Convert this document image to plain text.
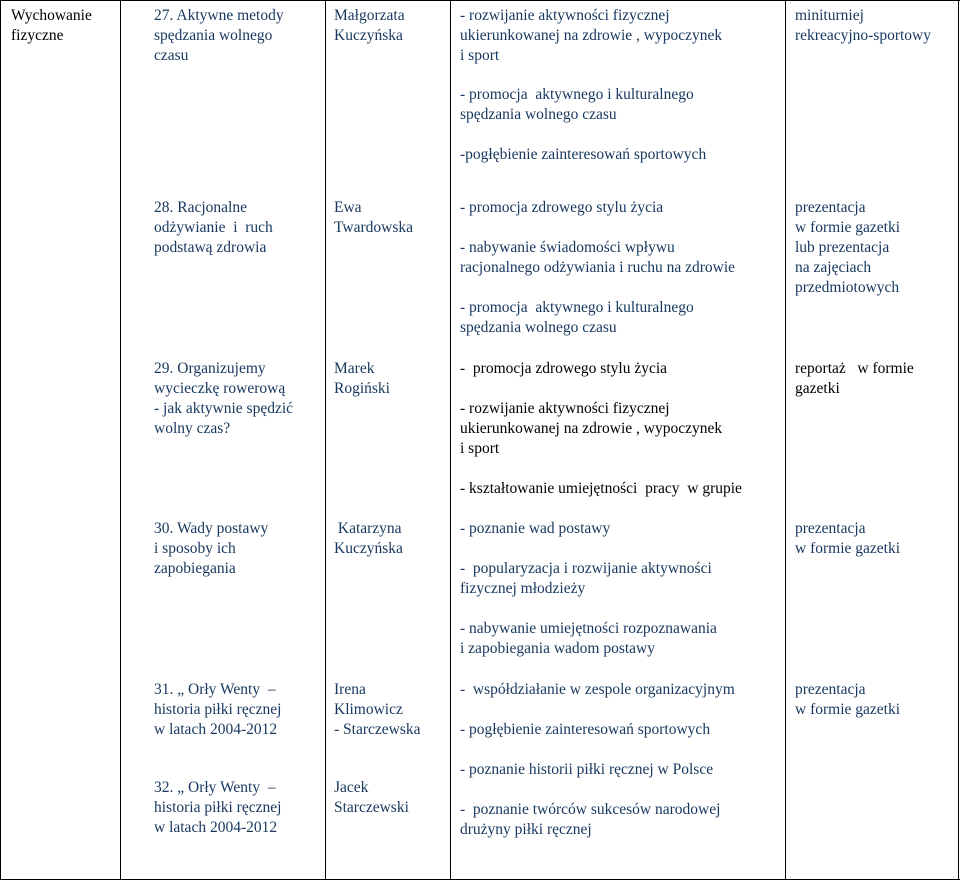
Wychowanie
fizyczne
27. Aktywne metody
spędzania wolnego
czasu
Małgorzata
Kuczyńska
- rozwijanie aktywności fizycznej
ukierunkowanej na zdrowie , wypoczynek
i sport
- promocja  aktywnego i kulturalnego
spędzania wolnego czasu
-pogłębienie zainteresowań sportowych
miniturniej
rekreacyjno-sportowy
28. Racjonalne
odżywianie  i  ruch
podstawą zdrowia
Ewa
Twardowska
- promocja zdrowego stylu życia
- nabywanie świadomości wpływu
racjonalnego odżywiania i ruchu na zdrowie
- promocja  aktywnego i kulturalnego
spędzania wolnego czasu
prezentacja
w formie gazetki
lub prezentacja
na zajęciach
przedmiotowych
29. Organizujemy
wycieczkę rowerową
- jak aktywnie spędzić
wolny czas?
Marek
Rogiński
-  promocja zdrowego stylu życia
- rozwijanie aktywności fizycznej
ukierunkowanej na zdrowie , wypoczynek
i sport
- kształtowanie umiejętności  pracy  w grupie
reportaż   w formie
gazetki
30. Wady postawy
i sposoby ich
zapobiegania
Katarzyna
Kuczyńska
- poznanie wad postawy
-  popularyzacja i rozwijanie aktywności
fizycznej młodzieży
- nabywanie umiejętności rozpoznawania
i zapobiegania wadom postawy
prezentacja
w formie gazetki
31. „ Orły Wenty  –
historia piłki ręcznej
w latach 2004-2012
Irena
Klimowicz
- Starczewska
-  współdziałanie w zespole organizacyjnym
- pogłębienie zainteresowań sportowych
prezentacja
w formie gazetki
32. „ Orły Wenty  –
historia piłki ręcznej
w latach 2004-2012
Jacek
Starczewski
- poznanie historii piłki ręcznej w Polsce
-  poznanie twórców sukcesów narodowej
drużyny piłki ręcznej
